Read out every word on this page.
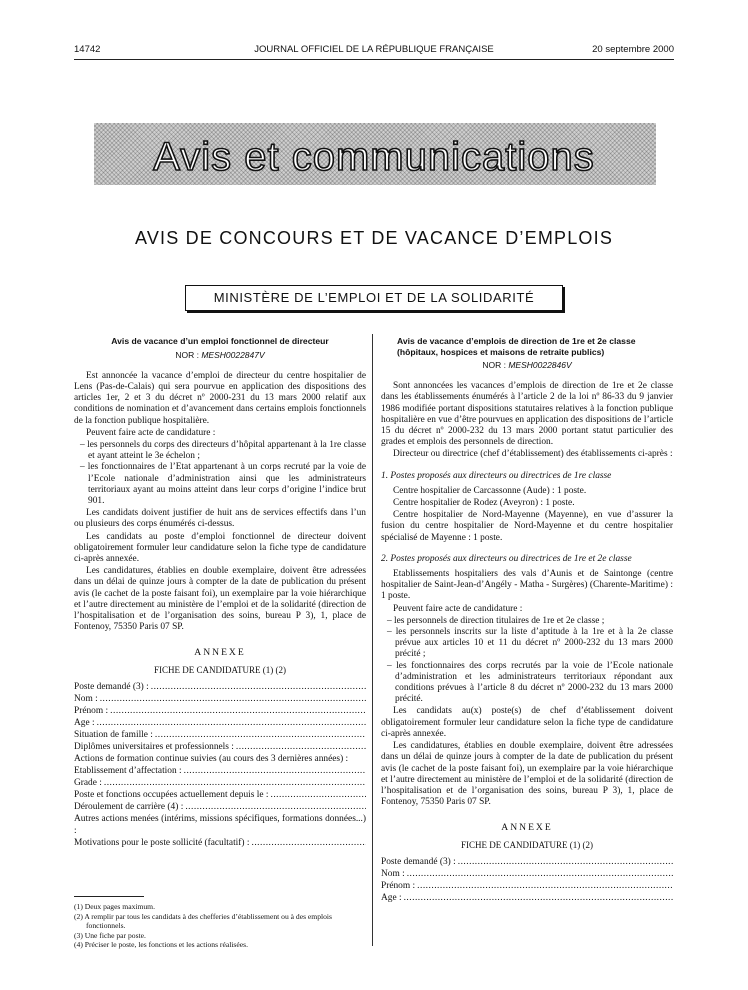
14742	JOURNAL OFFICIEL DE LA RÉPUBLIQUE FRANÇAISE	20 septembre 2000
Avis et communications
AVIS DE CONCOURS ET DE VACANCE D’EMPLOIS
MINISTÈRE DE L’EMPLOI ET DE LA SOLIDARITÉ
Avis de vacance d’un emploi fonctionnel de directeur
NOR : MESH0022847V

Est annoncée la vacance d’emploi de directeur du centre hospitalier de Lens (Pas-de-Calais) qui sera pourvue en application des dispositions des articles 1er, 2 et 3 du décret nº 2000-231 du 13 mars 2000 relatif aux conditions de nomination et d’avancement dans certains emplois fonctionnels de la fonction publique hospitalière.

Peuvent faire acte de candidature :

– les personnels du corps des directeurs d’hôpital appartenant à la 1re classe et ayant atteint le 3e échelon ;
– les fonctionnaires de l’Etat appartenant à un corps recruté par la voie de l’Ecole nationale d’administration ainsi que les administrateurs territoriaux ayant au moins atteint dans leur corps d’origine l’indice brut 901.

Les candidats doivent justifier de huit ans de services effectifs dans l’un ou plusieurs des corps énumérés ci-dessus.

Les candidats au poste d’emploi fonctionnel de directeur doivent obligatoirement formuler leur candidature selon la fiche type de candidature ci-après annexée.

Les candidatures, établies en double exemplaire, doivent être adressées dans un délai de quinze jours à compter de la date de publication du présent avis (le cachet de la poste faisant foi), un exemplaire par la voie hiérarchique et l’autre directement au ministère de l’emploi et de la solidarité (direction de l’hospitalisation et de l’organisation des soins, bureau P 3), 1, place de Fontenoy, 75350 Paris 07 SP.

ANNEXE
FICHE DE CANDIDATURE (1) (2)
Poste demandé (3) :
.....
Nom :
.....
Prénom :
.....
Age :
.....
Situation de famille :
.....
Diplômes universitaires et professionnels :
.....
Actions de formation continue suivies (au cours des 3 dernières années) :
Etablissement d’affectation :
.....
Grade :
.....
Poste et fonctions occupées actuellement depuis le :
.....
Déroulement de carrière (4) :
.....
Autres actions menées (intérims, missions spécifiques, formations données...) :
Motivations pour le poste sollicité (facultatif) :
.....
(1) Deux pages maximum.
(2) A remplir par tous les candidats à des chefferies d’établissement ou à des emplois fonctionnels.
(3) Une fiche par poste.
(4) Préciser le poste, les fonctions et les actions réalisées.
Avis de vacance d’emplois de direction de 1re et 2e classe (hôpitaux, hospices et maisons de retraite publics)
NOR : MESH0022846V

Sont annoncées les vacances d’emplois de direction de 1re et 2e classe dans les établissements énumérés à l’article 2 de la loi nº 86-33 du 9 janvier 1986 modifiée portant dispositions statutaires relatives à la fonction publique hospitalière en vue d’être pourvues en application des dispositions de l’article 15 du décret nº 2000-232 du 13 mars 2000 portant statut particulier des grades et emplois des personnels de direction.

Directeur ou directrice (chef d’établissement) des établissements ci-après :

1. Postes proposés aux directeurs ou directrices de 1re classe

Centre hospitalier de Carcassonne (Aude) : 1 poste.

Centre hospitalier de Rodez (Aveyron) : 1 poste.

Centre hospitalier de Nord-Mayenne (Mayenne), en vue d’assurer la fusion du centre hospitalier de Nord-Mayenne et du centre hospitalier spécialisé de Mayenne : 1 poste.

2. Postes proposés aux directeurs ou directrices de 1re et 2e classe

Etablissements hospitaliers des vals d’Aunis et de Saintonge (centre hospitalier de Saint-Jean-d’Angély - Matha - Surgères) (Charente-Maritime) : 1 poste.

Peuvent faire acte de candidature :

– les personnels de direction titulaires de 1re et 2e classe ;
– les personnels inscrits sur la liste d’aptitude à la 1re et à la 2e classe prévue aux articles 10 et 11 du décret nº 2000-232 du 13 mars 2000 précité ;
– les fonctionnaires des corps recrutés par la voie de l’Ecole nationale d’administration et les administrateurs territoriaux répondant aux conditions prévues à l’article 8 du décret nº 2000-232 du 13 mars 2000 précité.

Les candidats au(x) poste(s) de chef d’établissement doivent obligatoirement formuler leur candidature selon la fiche type de candidature ci-après annexée.

Les candidatures, établies en double exemplaire, doivent être adressées dans un délai de quinze jours à compter de la date de publication du présent avis (le cachet de la poste faisant foi), un exemplaire par la voie hiérarchique et l’autre directement au ministère de l’emploi et de la solidarité (direction de l’hospitalisation et de l’organisation des soins, bureau P 3), 1, place de Fontenoy, 75350 Paris 07 SP.

ANNEXE
FICHE DE CANDIDATURE (1) (2)
Poste demandé (3) :
.....
Nom :
.....
Prénom :
.....
Age :
.....
